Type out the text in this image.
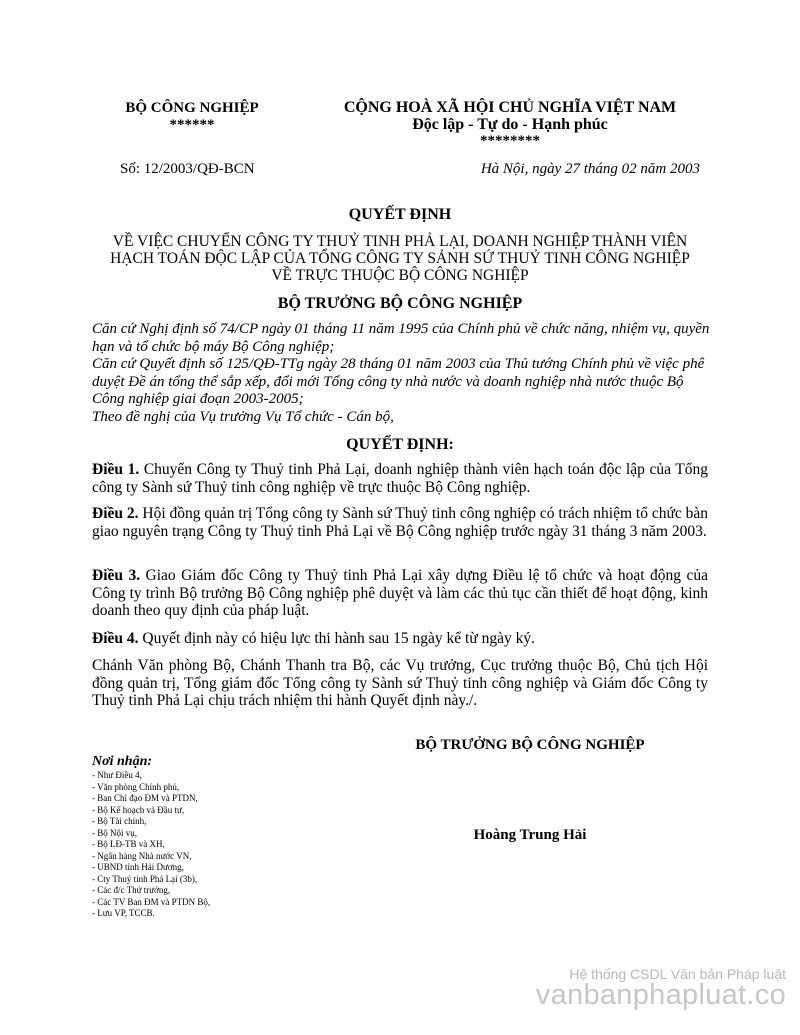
BỘ CÔNG NGHIỆP
******
CỘNG HOÀ XÃ HỘI CHỦ NGHĨA VIỆT NAM
Độc lập - Tự do - Hạnh phúc
********
Số: 12/2003/QĐ-BCN	Hà Nội, ngày 27 tháng 02 năm 2003
QUYẾT ĐỊNH
VỀ VIỆC CHUYỂN CÔNG TY THUỶ TINH PHẢ LẠI, DOANH NGHIỆP THÀNH VIÊN
HẠCH TOÁN ĐỘC LẬP CỦA TỔNG CÔNG TY SẢNH SỨ THUỶ TINH CÔNG NGHIỆP
VỀ TRỰC THUỘC BỘ CÔNG NGHIỆP
BỘ TRƯỞNG BỘ CÔNG NGHIỆP
Căn cứ Nghị định số 74/CP ngày 01 tháng 11 năm 1995 của Chính phủ về chức năng, nhiệm vụ, quyền hạn và tổ chức bộ máy Bộ Công nghiệp;
Căn cứ Quyết định số 125/QĐ-TTg ngày 28 tháng 01 năm 2003 của Thủ tướng Chính phủ về việc phê duyệt Đề án tổng thể sắp xếp, đổi mới Tổng công ty nhà nước và doanh nghiệp nhà nước thuộc Bộ Công nghiệp giai đoạn 2003-2005;
Theo đề nghị của Vụ trưởng Vụ Tổ chức - Cán bộ,
QUYẾT ĐỊNH:
Điều 1. Chuyển Công ty Thuỷ tinh Phả Lại, doanh nghiệp thành viên hạch toán độc lập của Tổng công ty Sành sứ Thuỷ tinh công nghiệp về trực thuộc Bộ Công nghiệp.
Điều 2. Hội đồng quản trị Tổng công ty Sành sứ Thuỷ tinh công nghiệp có trách nhiệm tổ chức bàn giao nguyên trạng Công ty Thuỷ tinh Phả Lại về Bộ Công nghiệp trước ngày 31 tháng 3 năm 2003.
Điều 3. Giao Giám đốc Công ty Thuỷ tinh Phả Lại xây dựng Điều lệ tổ chức và hoạt động của Công ty trình Bộ trưởng Bộ Công nghiệp phê duyệt và làm các thủ tục cần thiết để hoạt động, kinh doanh theo quy định của pháp luật.
Điều 4. Quyết định này có hiệu lực thi hành sau 15 ngày kể từ ngày ký.
Chánh Văn phòng Bộ, Chánh Thanh tra Bộ, các Vụ trưởng, Cục trưởng thuộc Bộ, Chủ tịch Hội đồng quản trị, Tổng giám đốc Tổng công ty Sành sứ Thuỷ tinh công nghiệp và Giám đốc Công ty Thuỷ tinh Phả Lại chịu trách nhiệm thi hành Quyết định này./.
BỘ TRƯỞNG BỘ CÔNG NGHIỆP
Hoàng Trung Hải
Nơi nhận:
- Như Điều 4,
- Văn phòng Chính phủ,
- Ban Chỉ đạo ĐM và PTDN,
- Bộ Kế hoạch và Đầu tư,
- Bộ Tài chính,
- Bộ Nội vụ,
- Bộ LĐ-TB và XH,
- Ngân hàng Nhà nước VN,
- UBND tỉnh Hải Dương,
- Cty Thuỷ tinh Phả Lại (3b),
- Các đ/c Thứ trưởng,
- Các TV Ban ĐM và PTDN Bộ,
- Lưu VP, TCCB.
Hệ thống CSDL Văn bản Pháp luật
vanbanphapluat.co
